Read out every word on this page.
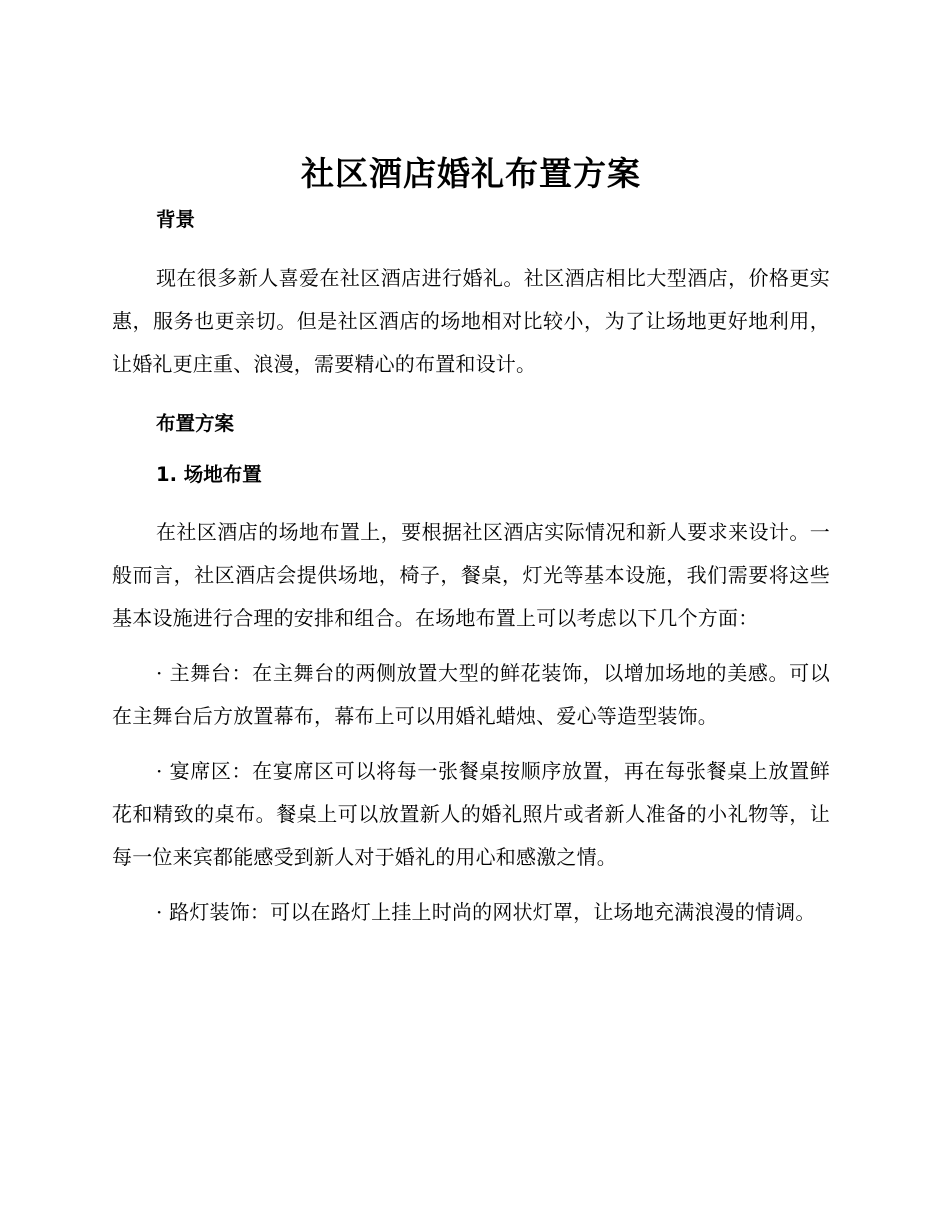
社区酒店婚礼布置方案
背景

现在很多新人喜爱在社区酒店进行婚礼。社区酒店相比大型酒店，价格更实惠，服务也更亲切。但是社区酒店的场地相对比较小，为了让场地更好地利用，让婚礼更庄重、浪漫，需要精心的布置和设计。

布置方案
1. 场地布置

在社区酒店的场地布置上，要根据社区酒店实际情况和新人要求来设计。一般而言，社区酒店会提供场地，椅子，餐桌，灯光等基本设施，我们需要将这些基本设施进行合理的安排和组合。在场地布置上可以考虑以下几个方面：

· 主舞台：在主舞台的两侧放置大型的鲜花装饰，以增加场地的美感。可以在主舞台后方放置幕布，幕布上可以用婚礼蜡烛、爱心等造型装饰。

· 宴席区：在宴席区可以将每一张餐桌按顺序放置，再在每张餐桌上放置鲜花和精致的桌布。餐桌上可以放置新人的婚礼照片或者新人准备的小礼物等，让每一位来宾都能感受到新人对于婚礼的用心和感激之情。

· 路灯装饰：可以在路灯上挂上时尚的网状灯罩，让场地充满浪漫的情调。
